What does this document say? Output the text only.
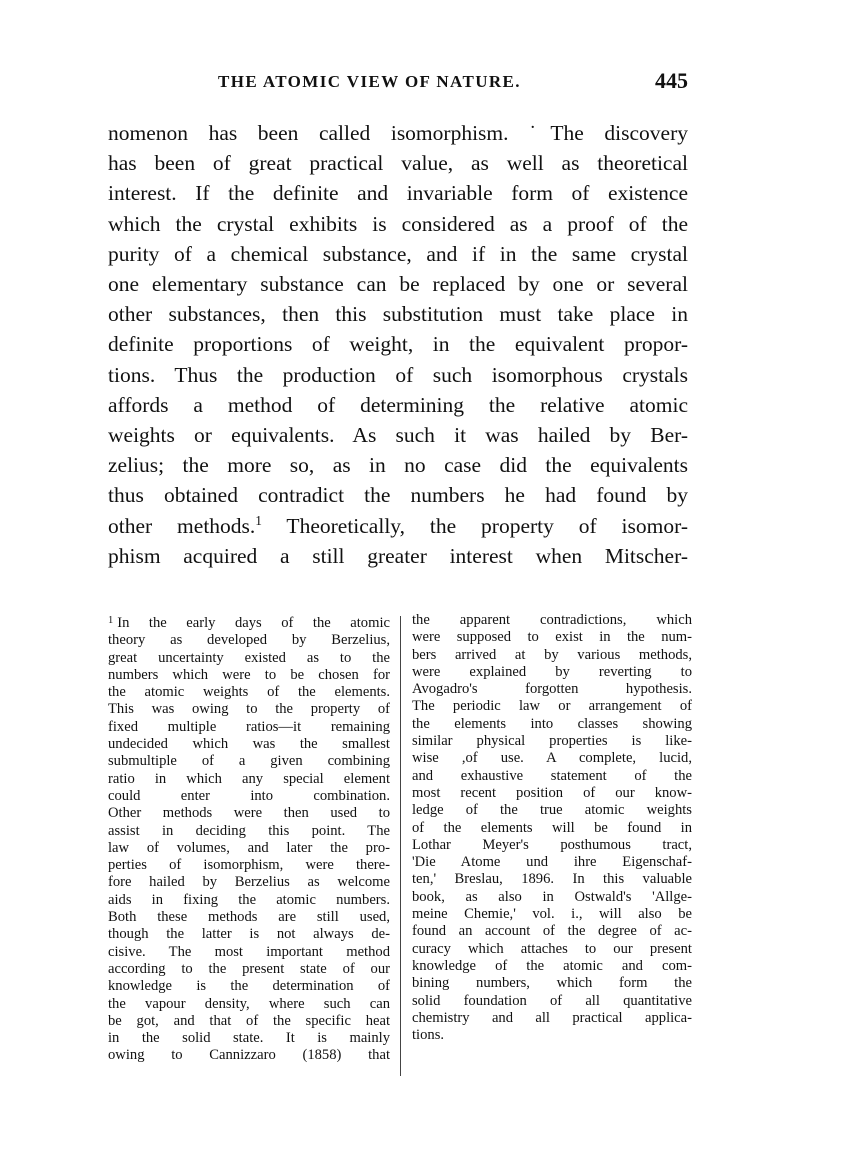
THE ATOMIC VIEW OF NATURE.	445
nomenon has been called isomorphism. ˙The discovery
has been of great practical value, as well as theoretical
interest. If the definite and invariable form of existence
which the crystal exhibits is considered as a proof of the
purity of a chemical substance, and if in the same crystal
one elementary substance can be replaced by one or several
other substances, then this substitution must take place in
definite proportions of weight, in the equivalent propor-
tions. Thus the production of such isomorphous crystals
affords a method of determining the relative atomic
weights or equivalents. As such it was hailed by Ber-
zelius; the more so, as in no case did the equivalents
thus obtained contradict the numbers he had found by
other methods.$^1$ Theoretically, the property of isomor-
phism acquired a still greater interest when Mitscher-
$^1$ In the early days of the atomic
theory as developed by Berzelius,
great uncertainty existed as to the
numbers which were to be chosen for
the atomic weights of the elements.
This was owing to the property of
fixed multiple ratios—it remaining
undecided which was the smallest
submultiple of a given combining
ratio in which any special element
could enter into combination.
Other methods were then used to
assist in deciding this point. The
law of volumes, and later the pro-
perties of isomorphism, were there-
fore hailed by Berzelius as welcome
aids in fixing the atomic numbers.
Both these methods are still used,
though the latter is not always de-
cisive. The most important method
according to the present state of our
knowledge is the determination of
the vapour density, where such can
be got, and that of the specific heat
in the solid state. It is mainly
owing to Cannizzaro (1858) that
the apparent contradictions, which
were supposed to exist in the num-
bers arrived at by various methods,
were explained by reverting to
Avogadro's forgotten hypothesis.
The periodic law or arrangement of
the elements into classes showing
similar physical properties is like-
wise ,of use. A complete, lucid,
and exhaustive statement of the
most recent position of our know-
ledge of the true atomic weights
of the elements will be found in
Lothar Meyer's posthumous tract,
'Die Atome und ihre Eigenschaf-
ten,' Breslau, 1896. In this valuable
book, as also in Ostwald's 'Allge-
meine Chemie,' vol. i., will also be
found an account of the degree of ac-
curacy which attaches to our present
knowledge of the atomic and com-
bining numbers, which form the
solid foundation of all quantitative
chemistry and all practical applica-
tions.
